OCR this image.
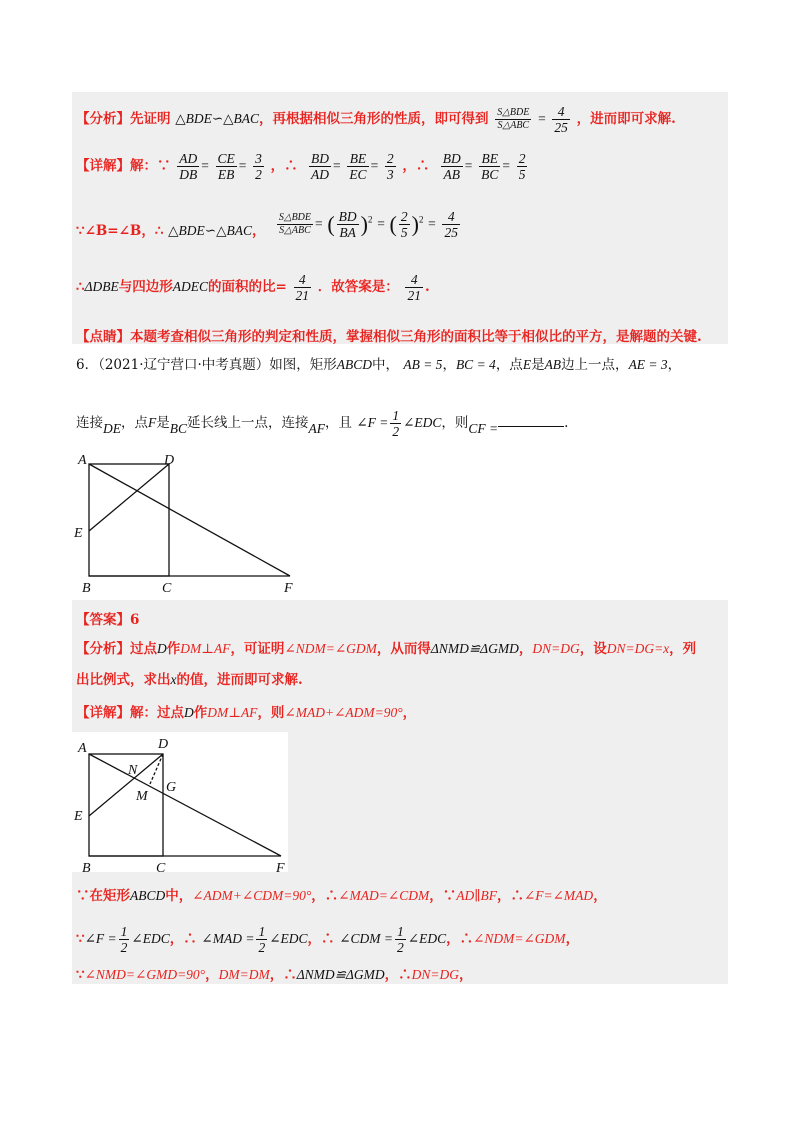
【分析】先证明 △BDE∽△BAC，再根据相似三角形的性质，即可得到 $\frac{\text{S△BDE}}{\text{S△ABC}} = \frac{4}{25}$ ，进而即可求解.
【详解】解：∵ $\frac{AD}{DB} = \frac{CE}{EB} = \frac{3}{2}$ ，∴ $\frac{BD}{AD} = \frac{BE}{EC} = \frac{2}{3}$ ，∴ $\frac{BD}{AB} = \frac{BE}{BC} = \frac{2}{5}$
∵∠B=∠B，∴ △BDE∽△BAC， $\frac{\text{S△BDE}}{\text{S△ABC}}$ = ( $\frac{BD}{BA} )^2$ = ( $\frac{2}{5} )^2 = \frac{4}{25}$
∴ΔDBE与四边形ADEC的面积的比= $\frac{4}{21}$ ．故答案是： $\frac{4}{21}$ .
【点睛】本题考查相似三角形的判定和性质，掌握相似三角形的面积比等于相似比的平方，是解题的关键.
6．（2021·辽宁营口·中考真题）如图，矩形ABCD中， AB = 5，BC = 4，点E是AB边上一点，AE = 3，
连接DE，点F是BC延长线上一点，连接AF，且 ∠F = $\frac{1}{2}$ ∠EDC，则CF =	.
A	D
E
B	C	F
【答案】6
【分析】过点D作DM⊥AF，可证明∠NDM=∠GDM，从而得ΔNMD≌ΔGMD，DN=DG，设DN=DG=x，列
出比例式，求出x的值，进而即可求解.
【详解】解：过点D作DM⊥AF，则∠MAD+∠ADM=90°，
A	D
N
M
G
E
B	C	F
∵在矩形ABCD中，∠ADM+∠CDM=90°，∴∠MAD=∠CDM，∵AD∥BF，∴∠F=∠MAD，
∵∠F = $\frac{1}{2}$ ∠EDC，∴ ∠MAD = $\frac{1}{2}$ ∠EDC，∴ ∠CDM = $\frac{1}{2}$ ∠EDC，∴∠NDM=∠GDM，
∵∠NMD=∠GMD=90°，DM=DM，∴ΔNMD≌ΔGMD，∴DN=DG，
